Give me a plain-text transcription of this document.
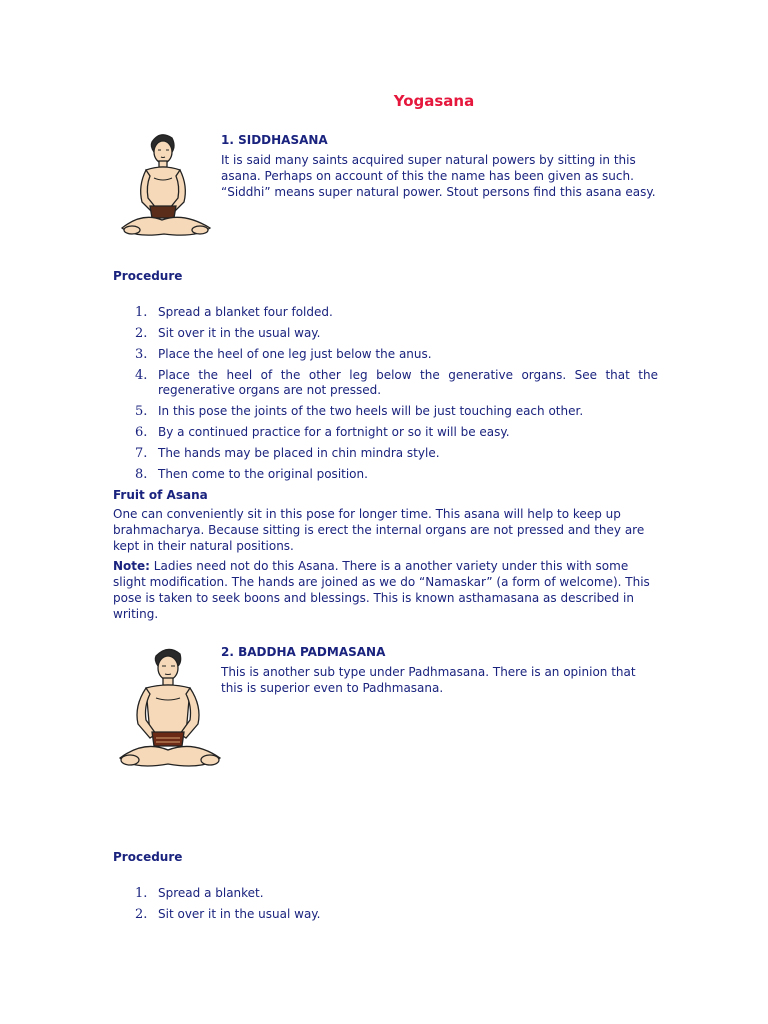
Yogasana
1. SIDDHASANA
It is said many saints acquired super natural powers by sitting in this asana. Perhaps on account of this the name has been given as such. “Siddhi” means super natural power. Stout persons find this asana easy.
Procedure
1. Spread a blanket four folded.
2. Sit over it in the usual way.
3. Place the heel of one leg just below the anus.
4. Place the heel of the other leg below the generative organs. See that the regenerative organs are not pressed.
5. In this pose the joints of the two heels will be just touching each other.
6. By a continued practice for a fortnight or so it will be easy.
7. The hands may be placed in chin mindra style.
8. Then come to the original position.
Fruit of Asana
One can conveniently sit in this pose for longer time. This asana will help to keep up brahmacharya. Because sitting is erect the internal organs are not pressed and they are kept in their natural positions.
Note: Ladies need not do this Asana. There is a another variety under this with some slight modification. The hands are joined as we do “Namaskar” (a form of welcome). This pose is taken to seek boons and blessings. This is known asthamasana as described in writing.
2. BADDHA PADMASANA
This is another sub type under Padhmasana. There is an opinion that this is superior even to Padhmasana.
Procedure
1. Spread a blanket.
2. Sit over it in the usual way.
